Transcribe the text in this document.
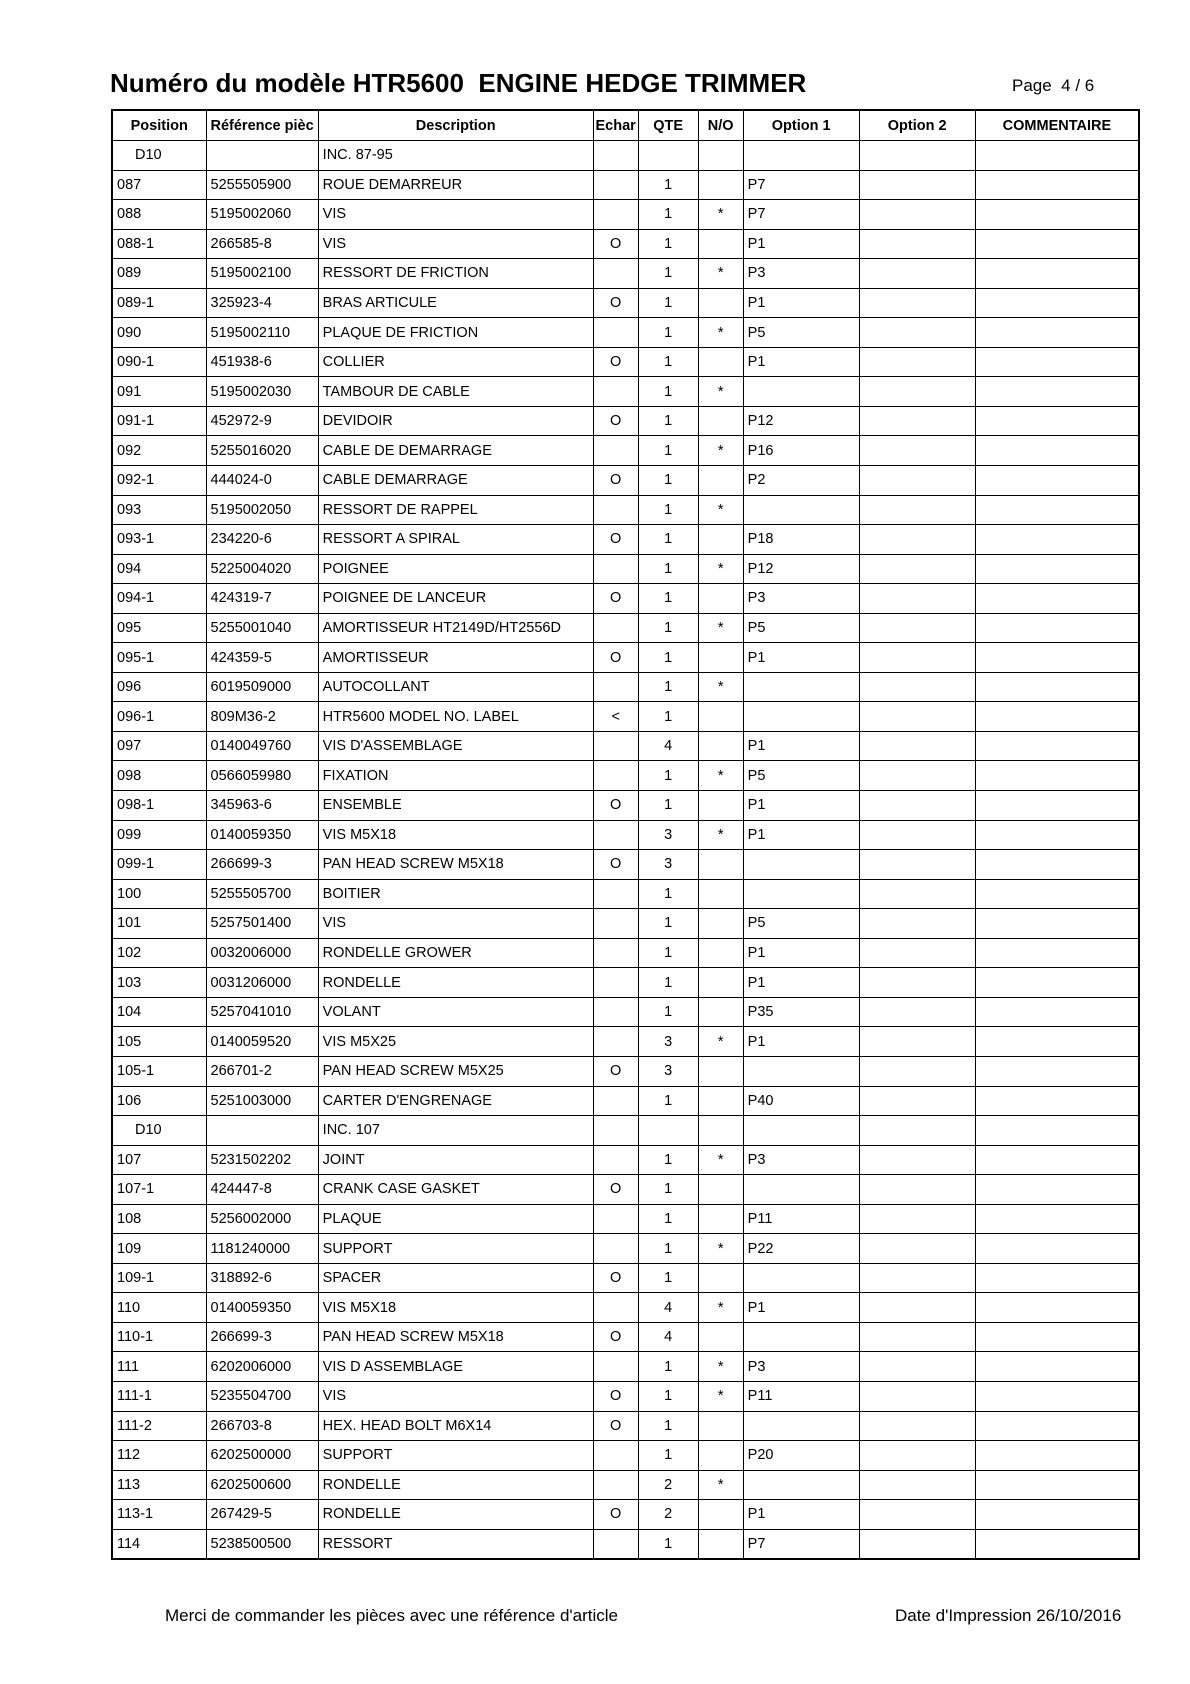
Numéro du modèle HTR5600  ENGINE HEDGE TRIMMER	Page  4 / 6
Position	Référence pièc	Description	Echar	QTE	N/O	Option 1	Option 2	COMMENTAIRE
D10		INC. 87-95						
087	5255505900	ROUE DEMARREUR		1		P7		
088	5195002060	VIS		1	*	P7		
088-1	266585-8	VIS	O	1		P1		
089	5195002100	RESSORT DE FRICTION		1	*	P3		
089-1	325923-4	BRAS ARTICULE	O	1		P1		
090	5195002110	PLAQUE DE FRICTION		1	*	P5		
090-1	451938-6	COLLIER	O	1		P1		
091	5195002030	TAMBOUR DE CABLE		1	*			
091-1	452972-9	DEVIDOIR	O	1		P12		
092	5255016020	CABLE DE DEMARRAGE		1	*	P16		
092-1	444024-0	CABLE DEMARRAGE	O	1		P2		
093	5195002050	RESSORT DE RAPPEL		1	*			
093-1	234220-6	RESSORT A SPIRAL	O	1		P18		
094	5225004020	POIGNEE		1	*	P12		
094-1	424319-7	POIGNEE DE LANCEUR	O	1		P3		
095	5255001040	AMORTISSEUR HT2149D/HT2556D		1	*	P5		
095-1	424359-5	AMORTISSEUR	O	1		P1		
096	6019509000	AUTOCOLLANT		1	*			
096-1	809M36-2	HTR5600 MODEL NO. LABEL	<	1				
097	0140049760	VIS D'ASSEMBLAGE		4		P1		
098	0566059980	FIXATION		1	*	P5		
098-1	345963-6	ENSEMBLE	O	1		P1		
099	0140059350	VIS M5X18		3	*	P1		
099-1	266699-3	PAN HEAD SCREW M5X18	O	3				
100	5255505700	BOITIER		1				
101	5257501400	VIS		1		P5		
102	0032006000	RONDELLE GROWER		1		P1		
103	0031206000	RONDELLE		1		P1		
104	5257041010	VOLANT		1		P35		
105	0140059520	VIS M5X25		3	*	P1		
105-1	266701-2	PAN HEAD SCREW M5X25	O	3				
106	5251003000	CARTER D'ENGRENAGE		1		P40		
D10		INC. 107						
107	5231502202	JOINT		1	*	P3		
107-1	424447-8	CRANK CASE GASKET	O	1				
108	5256002000	PLAQUE		1		P11		
109	1181240000	SUPPORT		1	*	P22		
109-1	318892-6	SPACER	O	1				
110	0140059350	VIS M5X18		4	*	P1		
110-1	266699-3	PAN HEAD SCREW M5X18	O	4				
111	6202006000	VIS D ASSEMBLAGE		1	*	P3		
111-1	5235504700	VIS	O	1	*	P11		
111-2	266703-8	HEX. HEAD BOLT M6X14	O	1				
112	6202500000	SUPPORT		1		P20		
113	6202500600	RONDELLE		2	*			
113-1	267429-5	RONDELLE	O	2		P1		
114	5238500500	RESSORT		1		P7		
Merci de commander les pièces avec une référence d'article	Date d'Impression 26/10/2016
